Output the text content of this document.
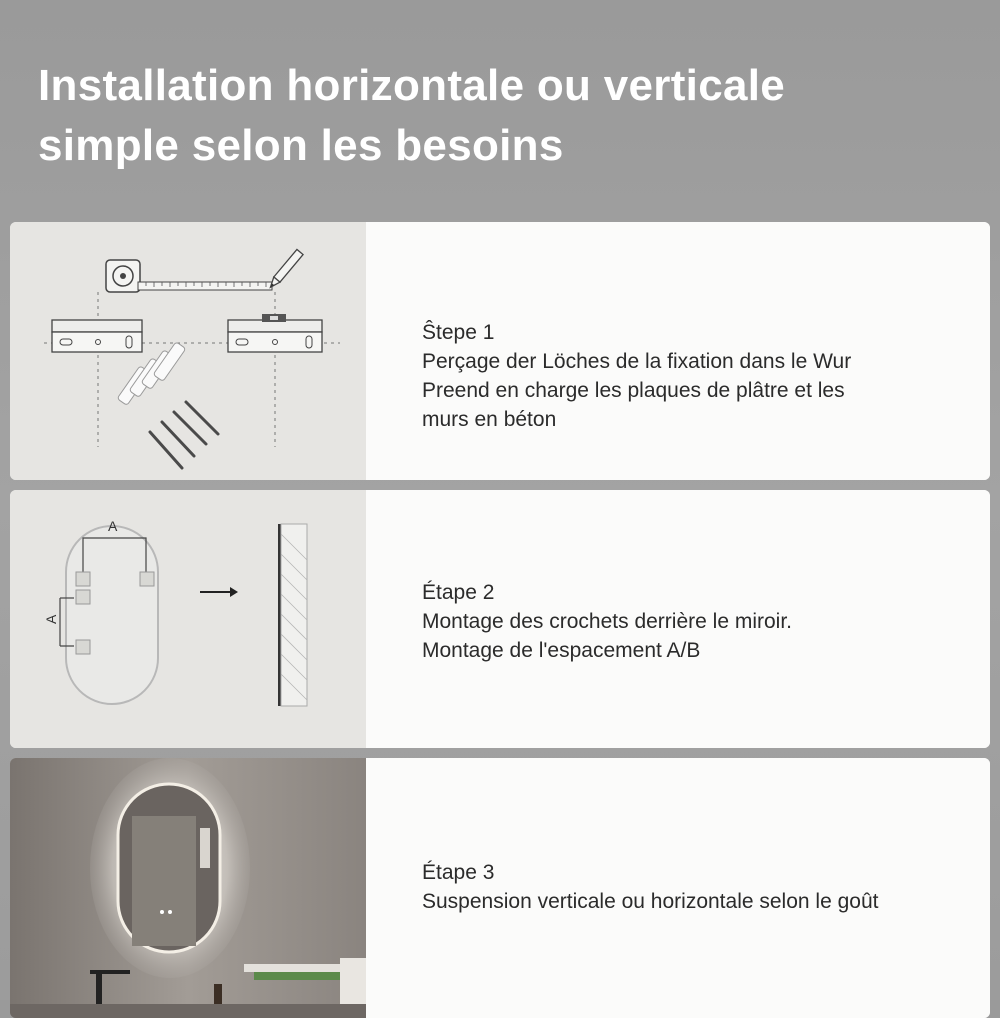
Installation horizontale ou verticale
simple selon les besoins
Ŝtepe 1
Perçage der Löches de la fixation dans le Wur
Preend en charge les plaques de plâtre et les
murs en béton
A
A
Étape 2
Montage des crochets derrière le miroir.
Montage de l'espacement A/B
Étape 3
Suspension verticale ou horizontale selon le goût
